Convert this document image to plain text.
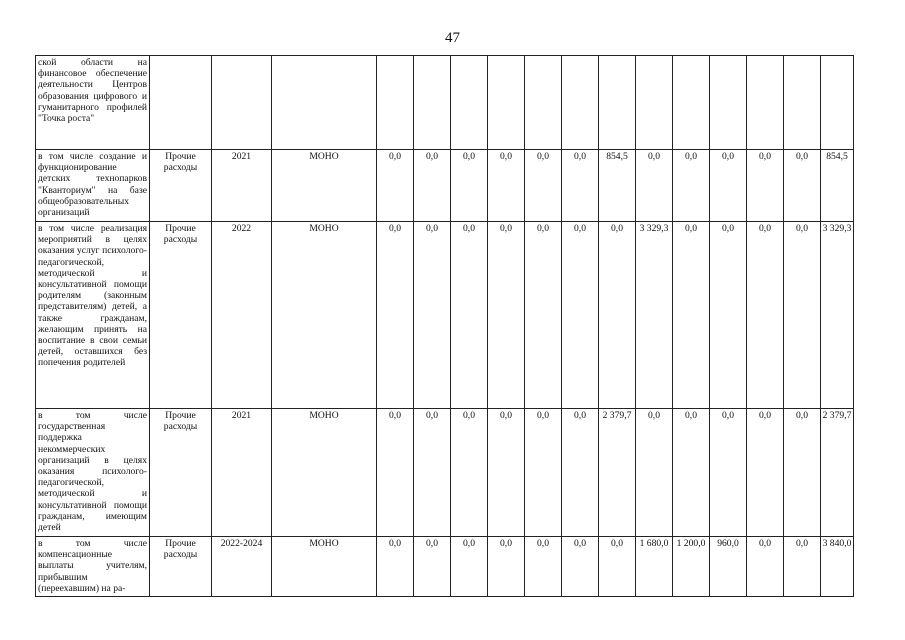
47
ской области на финансовое обеспечение деятельности Центров образования цифрового и гуманитарного профилей "Точка роста"																
в том числе создание и функционирование детских технопарков "Кванториум" на базе общеобразовательных организаций	Прочие расходы	2021	МОНО	0,0	0,0	0,0	0,0	0,0	0,0	854,5	0,0	0,0	0,0	0,0	0,0	854,5
в том числе реализация мероприятий в целях оказания услуг психолого-педагогической, методической и консультативной помощи родителям (законным представителям) детей, а также гражданам, желающим принять на воспитание в свои семьи детей, оставшихся без попечения родителей	Прочие расходы	2022	МОНО	0,0	0,0	0,0	0,0	0,0	0,0	0,0	3 329,3	0,0	0,0	0,0	0,0	3 329,3
в том числе государственная поддержка некоммерческих организаций в целях оказания психолого-педагогической, методической и консультативной помощи гражданам, имеющим детей	Прочие расходы	2021	МОНО	0,0	0,0	0,0	0,0	0,0	0,0	2 379,7	0,0	0,0	0,0	0,0	0,0	2 379,7
в том числе компенсационные выплаты учителям, прибывшим (переехавшим) на ра-	Прочие расходы	2022-2024	МОНО	0,0	0,0	0,0	0,0	0,0	0,0	0,0	1 680,0	1 200,0	960,0	0,0	0,0	3 840,0
